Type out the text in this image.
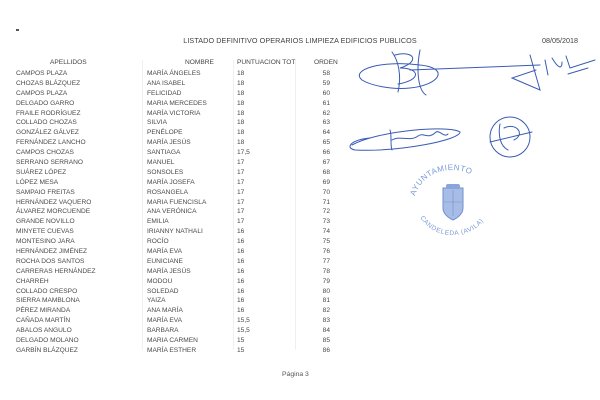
LISTADO DEFINITIVO OPERARIOS LIMPIEZA EDIFICIOS PUBLICOS	08/05/2018
APELLIDOS	NOMBRE	PUNTUACION TOT	ORDEN
CAMPOS PLAZA	MARÍA ÁNGELES	18	58
CHOZAS BLÁZQUEZ	ANA ISABEL	18	59
CAMPOS PLAZA	FELICIDAD	18	60
DELGADO GARRO	MARIA MERCEDES	18	61
FRAILE RODRÍGUEZ	MARÍA VICTORIA	18	62
COLLADO CHOZAS	SILVIA	18	63
GONZÁLEZ GÁLVEZ	PENÉLOPE	18	64
FERNÁNDEZ LANCHO	MARÍA JESÚS	18	65
CAMPOS CHOZAS	SANTIAGA	17,5	66
SERRANO SERRANO	MANUEL	17	67
SUÁREZ LÓPEZ	SONSOLES	17	68
LÓPEZ MESA	MARÍA JOSEFA	17	69
SAMPAIO FREITAS	ROSANGELA	17	70
HERNÁNDEZ VAQUERO	MARIA FUENCISLA	17	71
ÁLVAREZ MORCUENDE	ANA VERÓNICA	17	72
GRANDE NOVILLO	EMILIA	17	73
MINYETE CUEVAS	IRIANNY NATHALI	16	74
MONTESINO JARA	ROCÍO	16	75
HERNÁNDEZ JIMÉNEZ	MARÍA EVA	16	76
ROCHA DOS SANTOS	EUNICIANE	16	77
CARRERAS HERNÁNDEZ	MARÍA JESÚS	16	78
CHARREH	MODOU	16	79
COLLADO CRESPO	SOLEDAD	16	80
SIERRA MAMBLONA	YAIZA	16	81
PÉREZ MIRANDA	ANA MARÍA	16	82
CAÑADA MARTÍN	MARÍA EVA	15,5	83
ABALOS ANGULO	BARBARA	15,5	84
DELGADO MOLANO	MARIA CARMEN	15	85
GARBÍN BLÁZQUEZ	MARÍA ESTHER	15	86
AYUNTAMIENTO
CANDELEDA (AVILA)
Página 3
